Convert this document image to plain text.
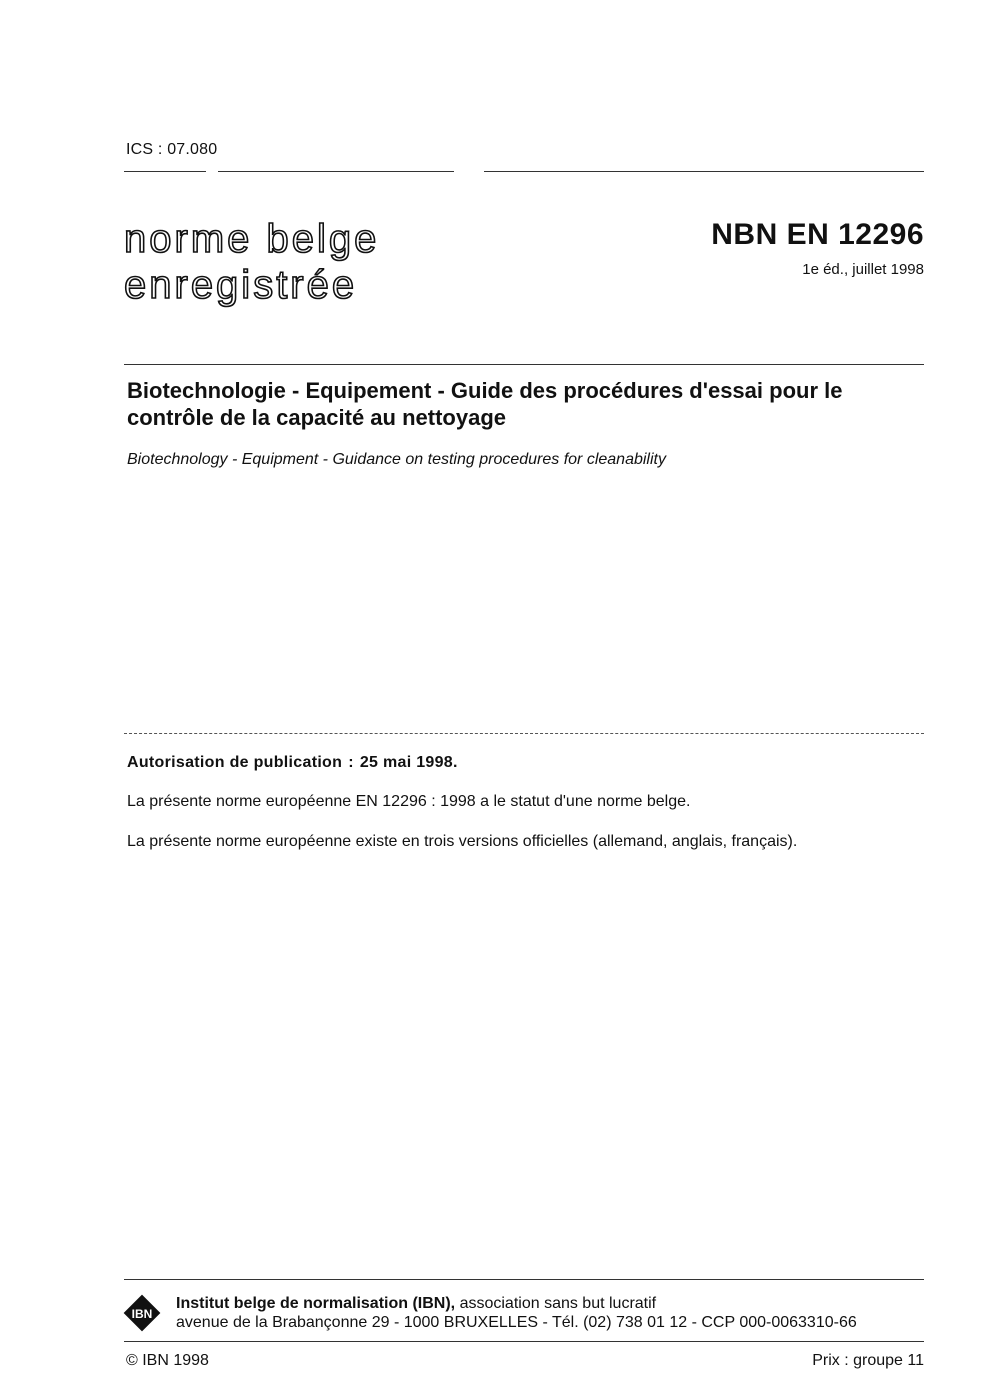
ICS : 07.080
norme belge
enregistrée
NBN EN 12296
1e éd., juillet 1998
Biotechnologie - Equipement - Guide des procédures d'essai pour le contrôle de la capacité au nettoyage
Biotechnology - Equipment - Guidance on testing procedures for cleanability
Autorisation de publication : 25 mai 1998.
La présente norme européenne EN 12296 : 1998 a le statut d'une norme belge.
La présente norme européenne existe en trois versions officielles (allemand, anglais, français).
IBN
Institut belge de normalisation (IBN), association sans but lucratif
avenue de la Brabançonne 29 - 1000 BRUXELLES - Tél. (02) 738 01 12 - CCP 000-0063310-66
© IBN 1998	Prix : groupe 11
